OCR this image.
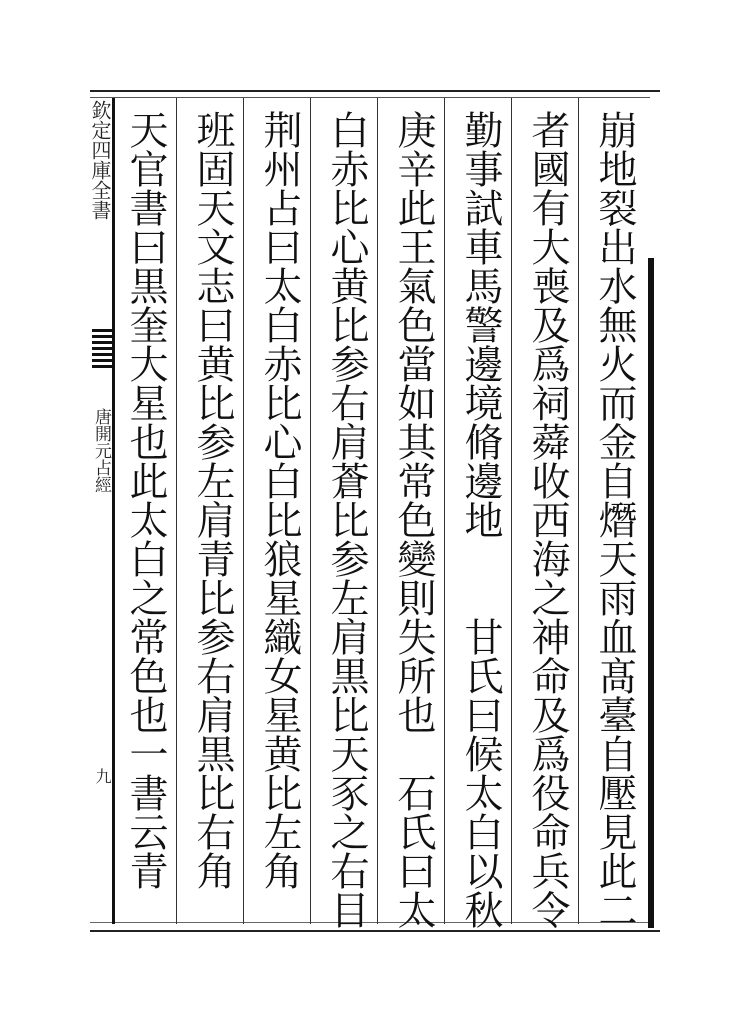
欽定四庫全書
唐開元占經
九	崩地裂出水無火而金自熸天雨血髙臺自壓見此二
者國有大喪及爲祠蕣收西海之神命及爲役命兵令
勤事試車馬警邊境脩邊地　　甘氏曰候太白以秋
庚辛此王氣色當如其常色變則失所也　石氏曰太
白赤比心黄比参右肩蒼比参左肩黒比天豕之右目
荆州占曰太白赤比心白比狼星織女星黄比左角
班固天文志曰黄比参左肩青比参右肩黒比右角
天官書曰黒奎大星也此太白之常色也一書云青
